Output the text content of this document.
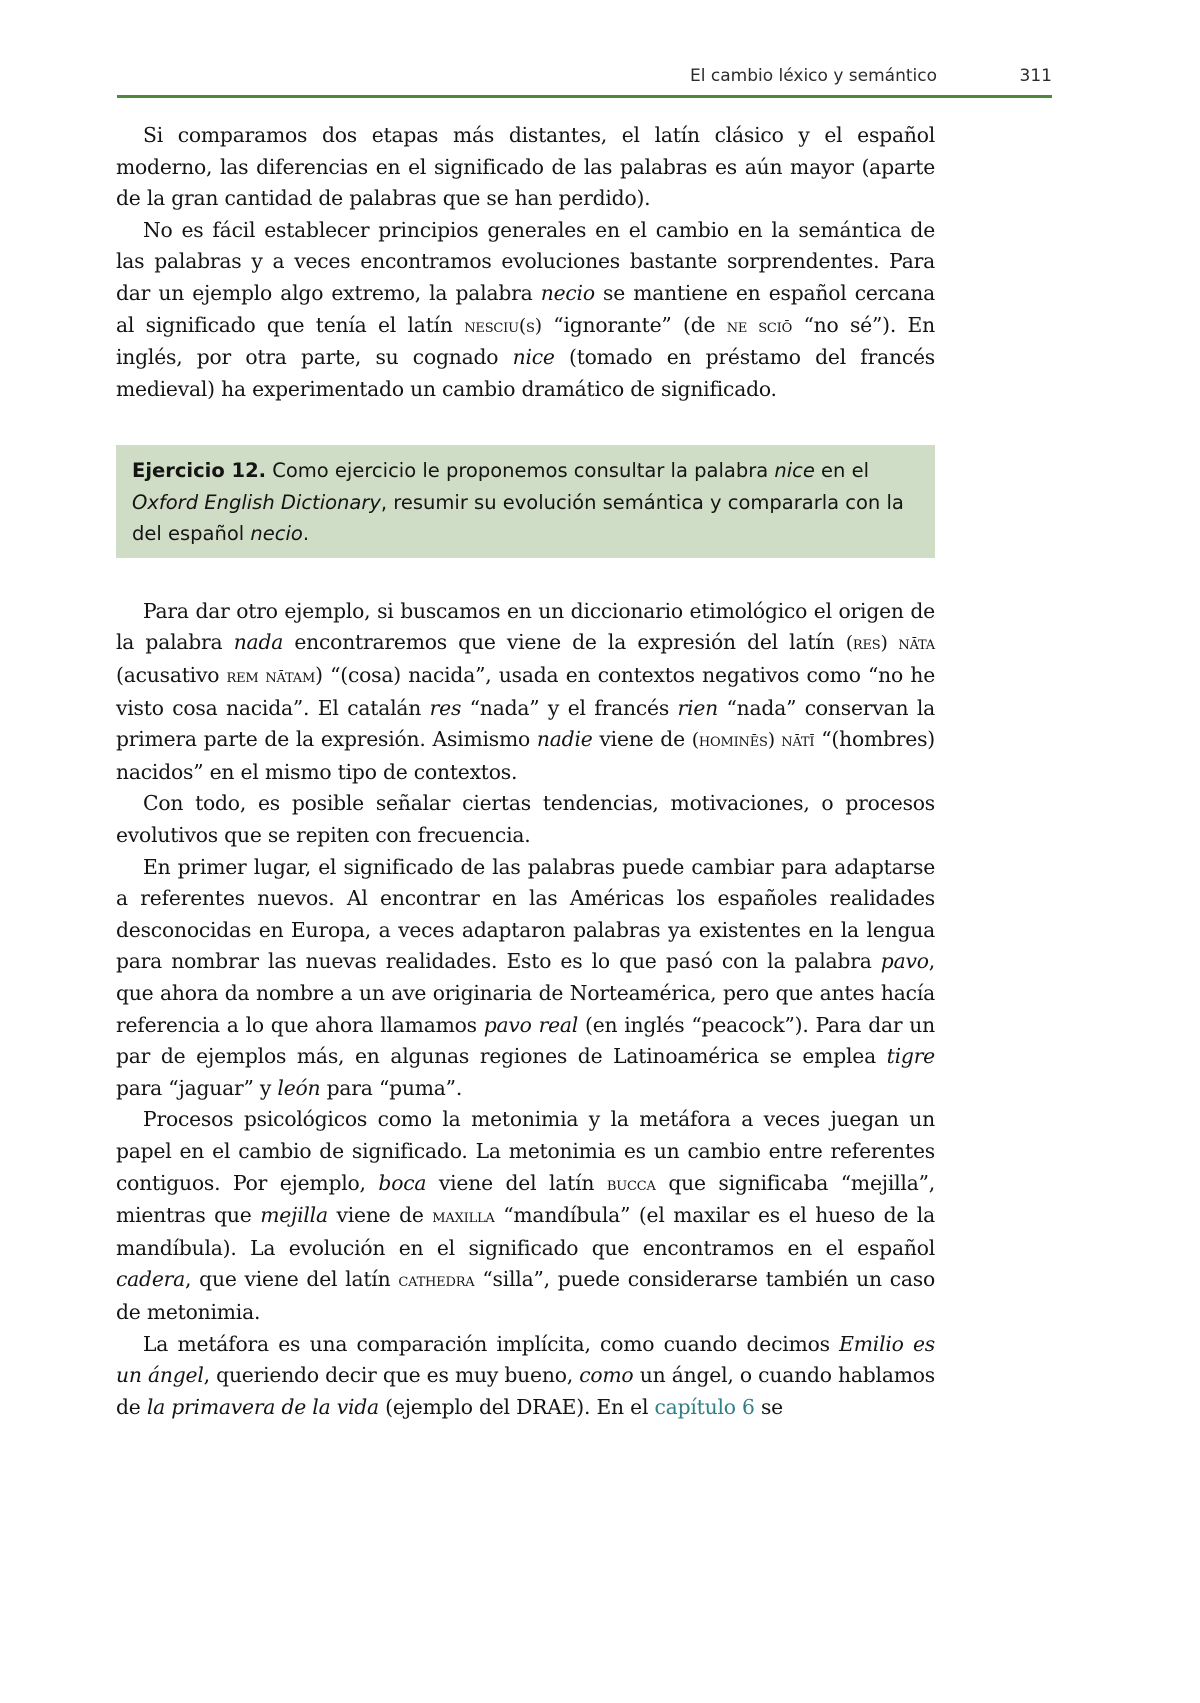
El cambio léxico y semántico	311

Si comparamos dos etapas más distantes, el latín clásico y el español moderno, las diferencias en el significado de las palabras es aún mayor (aparte de la gran cantidad de palabras que se han perdido).

No es fácil establecer principios generales en el cambio en la semántica de las palabras y a veces encontramos evoluciones bastante sorprendentes. Para dar un ejemplo algo extremo, la palabra necio se mantiene en español cercana al significado que tenía el latín nesciu(s) “ignorante” (de ne sciō “no sé”). En inglés, por otra parte, su cognado nice (tomado en préstamo del francés medieval) ha experimentado un cambio dramático de significado.

Ejercicio 12. Como ejercicio le proponemos consultar la palabra nice en el Oxford English Dictionary, resumir su evolución semántica y compararla con la del español necio.

Para dar otro ejemplo, si buscamos en un diccionario etimológico el origen de la palabra nada encontraremos que viene de la expresión del latín (res) nāta (acusativo rem nātam) “(cosa) nacida”, usada en contextos negativos como “no he visto cosa nacida”. El catalán res “nada” y el francés rien “nada” conservan la primera parte de la expresión. Asimismo nadie viene de (hominēs) nātī “(hombres) nacidos” en el mismo tipo de contextos.

Con todo, es posible señalar ciertas tendencias, motivaciones, o procesos evolutivos que se repiten con frecuencia.

En primer lugar, el significado de las palabras puede cambiar para adaptarse a referentes nuevos. Al encontrar en las Américas los españoles realidades desconocidas en Europa, a veces adaptaron palabras ya existentes en la lengua para nombrar las nuevas realidades. Esto es lo que pasó con la palabra pavo, que ahora da nombre a un ave originaria de Norteamérica, pero que antes hacía referencia a lo que ahora llamamos pavo real (en inglés “peacock”). Para dar un par de ejemplos más, en algunas regiones de Latinoamérica se emplea tigre para “jaguar” y león para “puma”.

Procesos psicológicos como la metonimia y la metáfora a veces juegan un papel en el cambio de significado. La metonimia es un cambio entre referentes contiguos. Por ejemplo, boca viene del latín bucca que significaba “mejilla”, mientras que mejilla viene de maxilla “mandíbula” (el maxilar es el hueso de la mandíbula). La evolución en el significado que encontramos en el español cadera, que viene del latín cathedra “silla”, puede considerarse también un caso de metonimia.

La metáfora es una comparación implícita, como cuando decimos Emilio es un ángel, queriendo decir que es muy bueno, como un ángel, o cuando hablamos de la primavera de la vida (ejemplo del DRAE). En el capítulo 6 se
